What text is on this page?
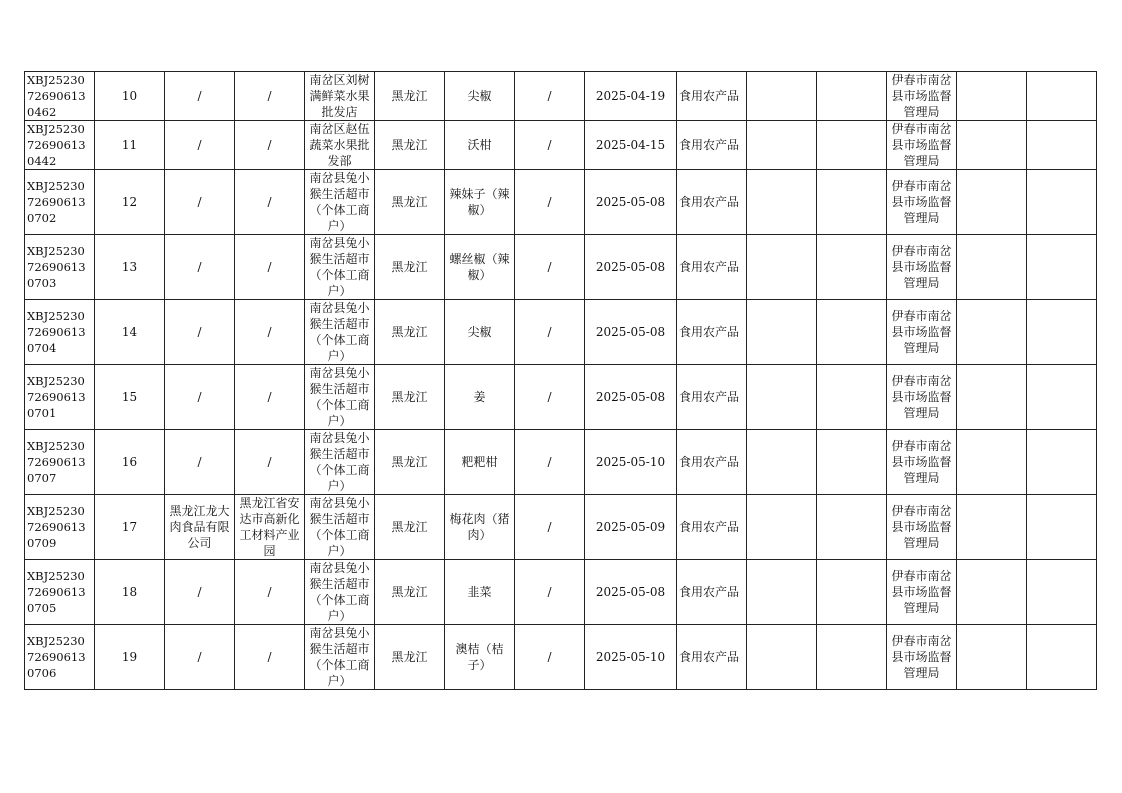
XBJ25230726906130462	10	/	/	南岔区刘树满鲜菜水果批发店	黑龙江	尖椒	/	2025-04-19	食用农产品			伊春市南岔县市场监督管理局		
XBJ25230726906130442	11	/	/	南岔区赵伍蔬菜水果批发部	黑龙江	沃柑	/	2025-04-15	食用农产品			伊春市南岔县市场监督管理局		
XBJ25230726906130702	12	/	/	南岔县兔小猴生活超市（个体工商户）	黑龙江	辣妹子（辣椒）	/	2025-05-08	食用农产品			伊春市南岔县市场监督管理局		
XBJ25230726906130703	13	/	/	南岔县兔小猴生活超市（个体工商户）	黑龙江	螺丝椒（辣椒）	/	2025-05-08	食用农产品			伊春市南岔县市场监督管理局		
XBJ25230726906130704	14	/	/	南岔县兔小猴生活超市（个体工商户）	黑龙江	尖椒	/	2025-05-08	食用农产品			伊春市南岔县市场监督管理局		
XBJ25230726906130701	15	/	/	南岔县兔小猴生活超市（个体工商户）	黑龙江	姜	/	2025-05-08	食用农产品			伊春市南岔县市场监督管理局		
XBJ25230726906130707	16	/	/	南岔县兔小猴生活超市（个体工商户）	黑龙江	粑粑柑	/	2025-05-10	食用农产品			伊春市南岔县市场监督管理局		
XBJ25230726906130709	17	黑龙江龙大肉食品有限公司	黑龙江省安达市高新化工材料产业园	南岔县兔小猴生活超市（个体工商户）	黑龙江	梅花肉（猪肉）	/	2025-05-09	食用农产品			伊春市南岔县市场监督管理局		
XBJ25230726906130705	18	/	/	南岔县兔小猴生活超市（个体工商户）	黑龙江	韭菜	/	2025-05-08	食用农产品			伊春市南岔县市场监督管理局		
XBJ25230726906130706	19	/	/	南岔县兔小猴生活超市（个体工商户）	黑龙江	澳桔（桔子）	/	2025-05-10	食用农产品			伊春市南岔县市场监督管理局		
